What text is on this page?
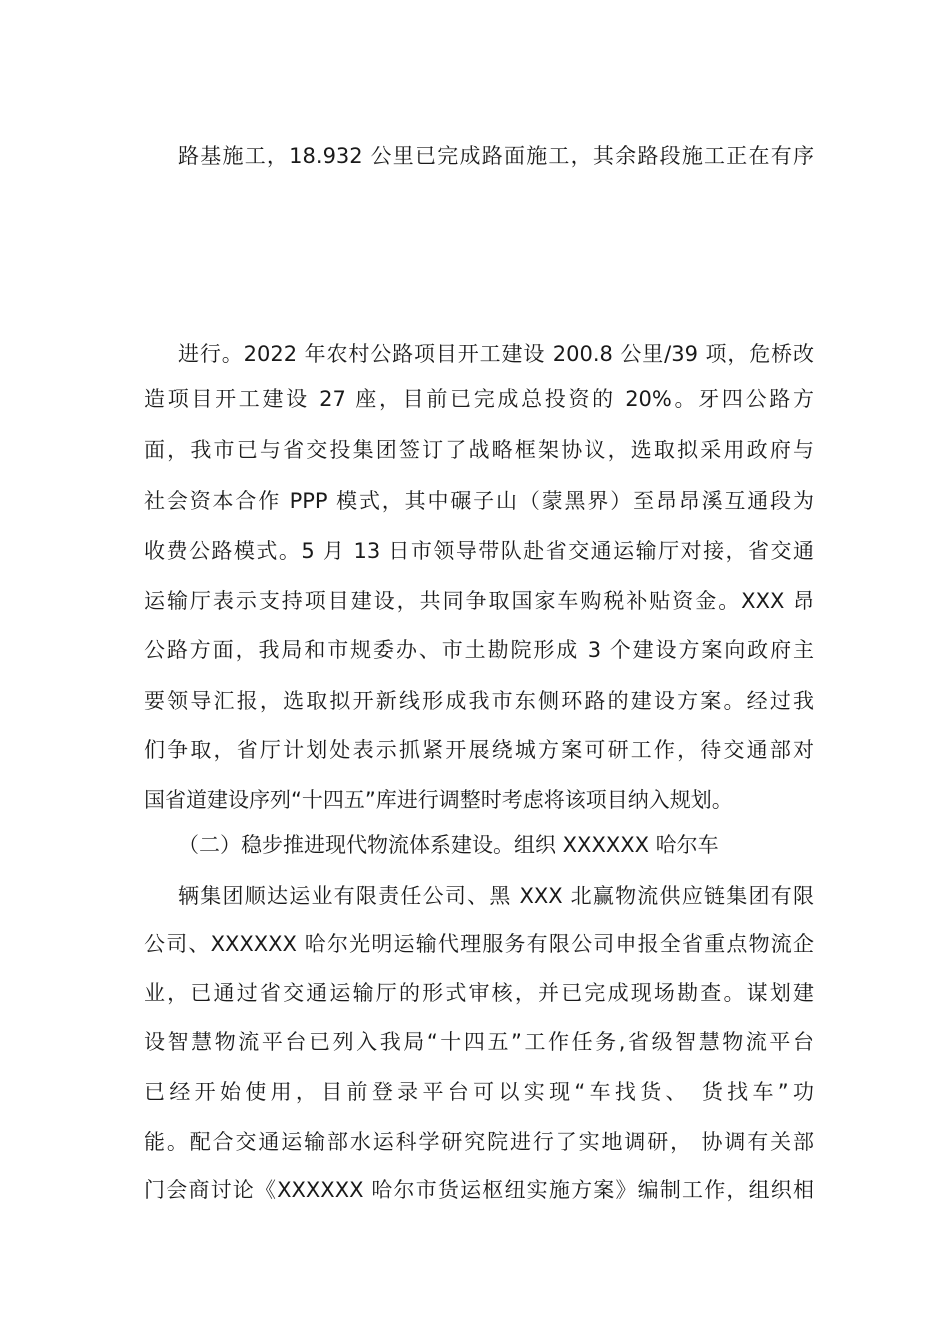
路基施工，18.932 公里已完成路面施工，其余路段施工正在有序
进行。2022 年农村公路项目开工建设 200.8 公里/39 项，危桥改
造项目开工建设 27 座，目前已完成总投资的 20%。牙四公路方
面，我市已与省交投集团签订了战略框架协议，选取拟采用政府与
社会资本合作 PPP 模式，其中碾子山（蒙黑界）至昂昂溪互通段为
收费公路模式。5 月 13 日市领导带队赴省交通运输厅对接，省交通
运输厅表示支持项目建设，共同争取国家车购税补贴资金。XXX 昂
公路方面，我局和市规委办、市土勘院形成 3 个建设方案向政府主
要领导汇报，选取拟开新线形成我市东侧环路的建设方案。经过我
们争取，省厅计划处表示抓紧开展绕城方案可研工作，待交通部对
国省道建设序列“十四五”库进行调整时考虑将该项目纳入规划。
（二）稳步推进现代物流体系建设。组织 XXXXXX 哈尔车
辆集团顺达运业有限责任公司、黑 XXX 北赢物流供应链集团有限
公司、XXXXXX 哈尔光明运输代理服务有限公司申报全省重点物流企
业，已通过省交通运输厅的形式审核，并已完成现场勘查。谋划建
设智慧物流平台已列入我局“十四五”工作任务,省级智慧物流平台
已经开始使用，目前登录平台可以实现“车找货、 货找车”功
能。配合交通运输部水运科学研究院进行了实地调研， 协调有关部
门会商讨论《XXXXXX 哈尔市货运枢纽实施方案》编制工作，组织相
